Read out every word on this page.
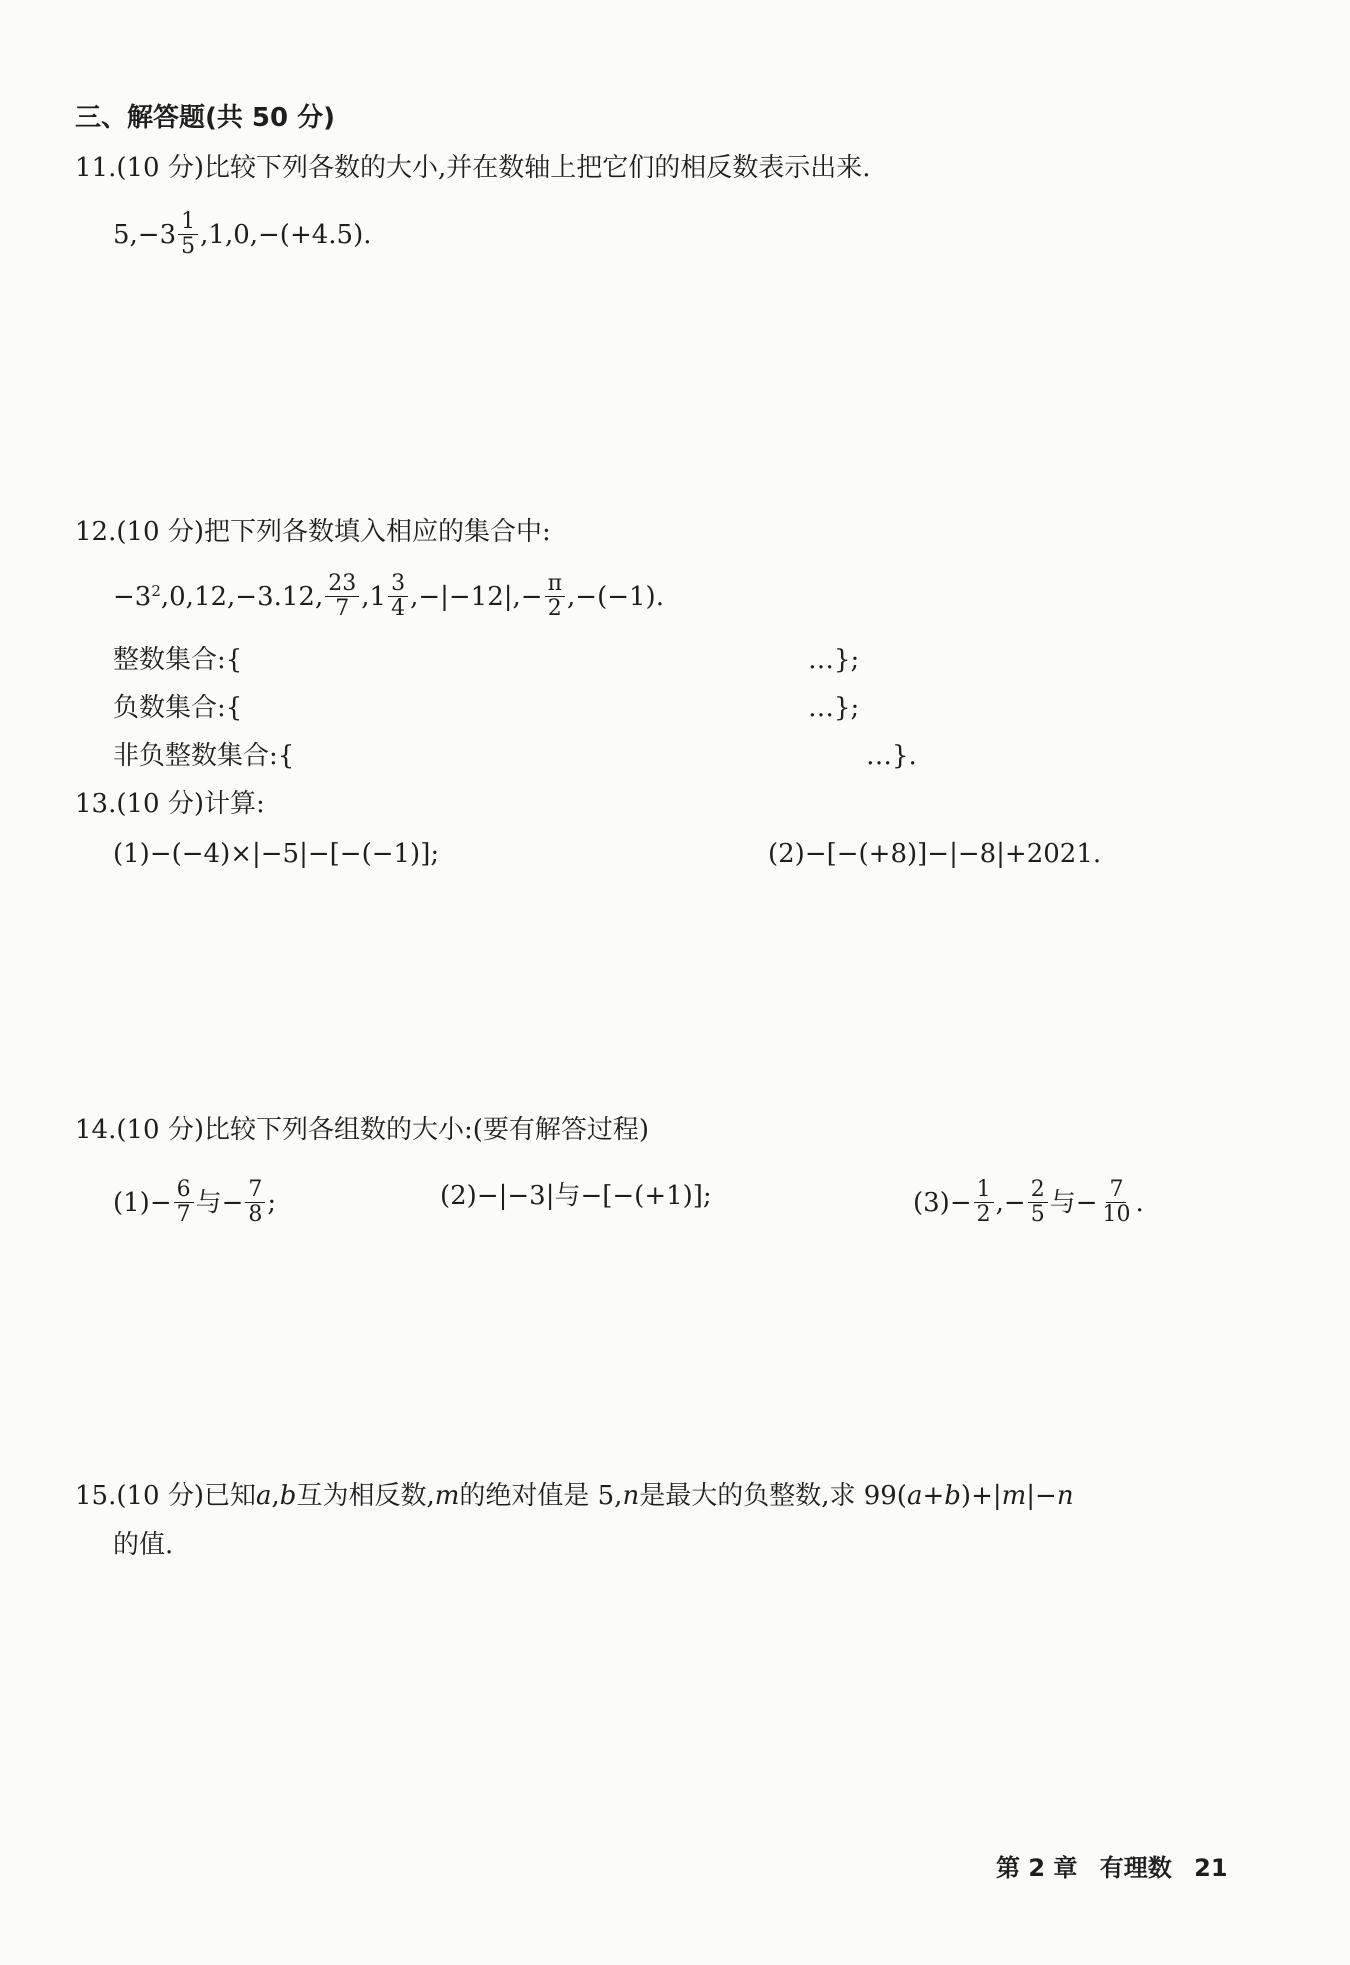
三、解答题(共 50 分)
11.(10 分)比较下列各数的大小,并在数轴上把它们的相反数表示出来.
$5,-3 \frac{1}{5} ,1,0,-(+4.5)$.
12.(10 分)把下列各数填入相应的集合中:
$-3^2$ ,0,12,−3.12, $\frac{23}{7} ,1 \frac{3}{4} ,-|-12|,- \frac{\pi}{2} ,-(-1)$.
整数集合:{	…};
负数集合:{	…};
非负整数集合:{	…}.
13.(10 分)计算:
(1)−(−4)×|−5|−[−(−1)];	(2)−[−(+8)]−|−8|+2021.
14.(10 分)比较下列各组数的大小:(要有解答过程)
$(1)- \frac{6}{7}$ 与− $\frac{7}{8}$ ;	(2)−|−3|与−[−(+1)];	$(3)- \frac{1}{2}$ ,− $\frac{2}{5}$ 与− $\frac{7}{10}$ .
15.(10 分)已知 a , b 互为相反数, m 的绝对值是 5, n 是最大的负整数,求 99( a + b )+| m |− n
的值.
第 2 章 有理数 21
